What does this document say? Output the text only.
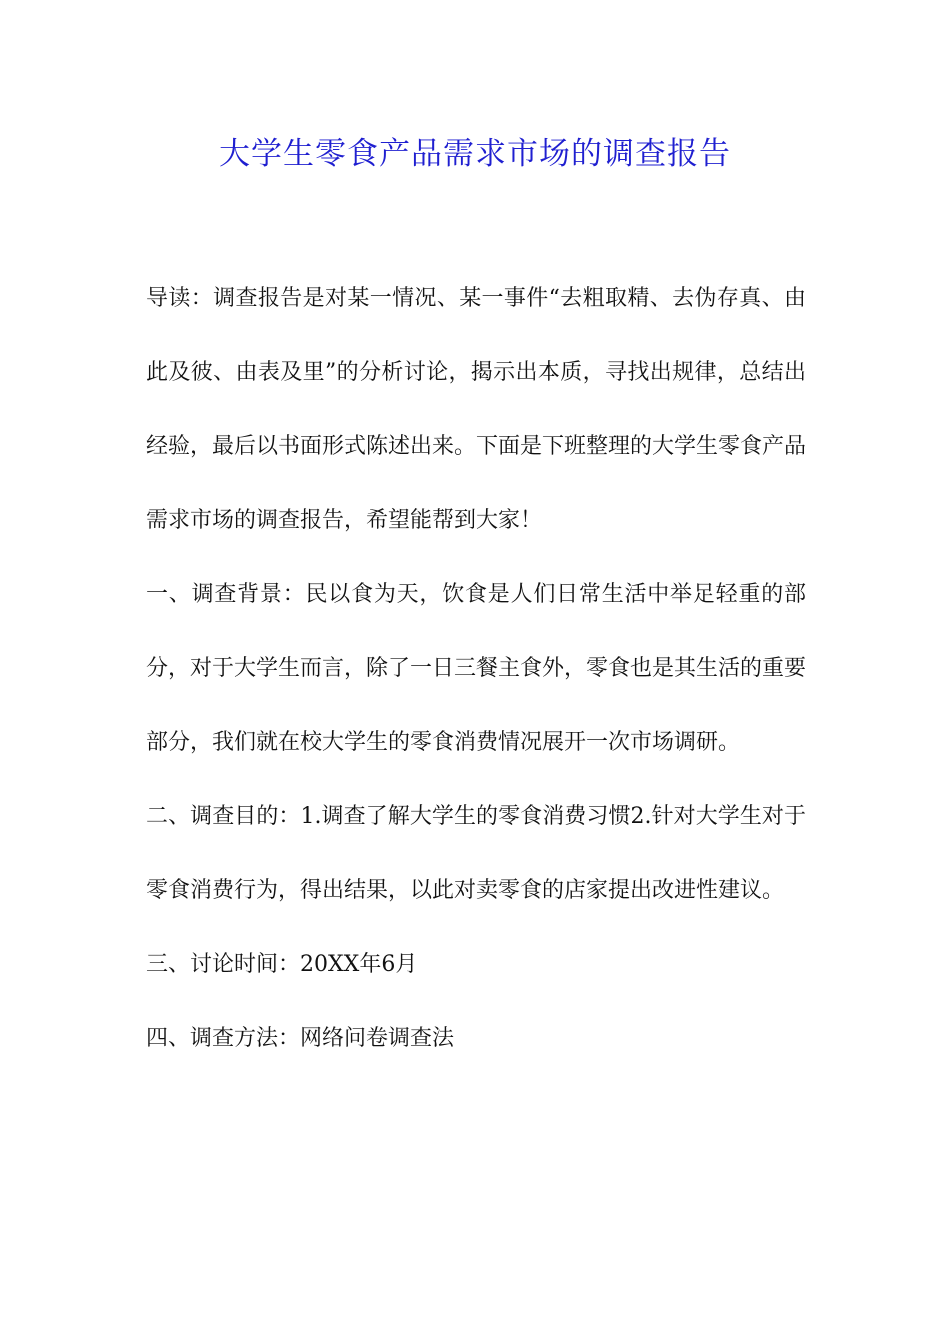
大学生零食产品需求市场的调查报告

导读：调查报告是对某一情况、某一事件“去粗取精、去伪存真、由此及彼、由表及里”的分析讨论，揭示出本质，寻找出规律，总结出经验，最后以书面形式陈述出来。下面是下班整理的大学生零食产品需求市场的调查报告，希望能帮到大家！

一、调查背景：民以食为天，饮食是人们日常生活中举足轻重的部分，对于大学生而言，除了一日三餐主食外，零食也是其生活的重要部分，我们就在校大学生的零食消费情况展开一次市场调研。

二、调查目的：1.调查了解大学生的零食消费习惯2.针对大学生对于零食消费行为，得出结果，以此对卖零食的店家提出改进性建议。

三、讨论时间：20XX年6月

四、调查方法：网络问卷调查法
